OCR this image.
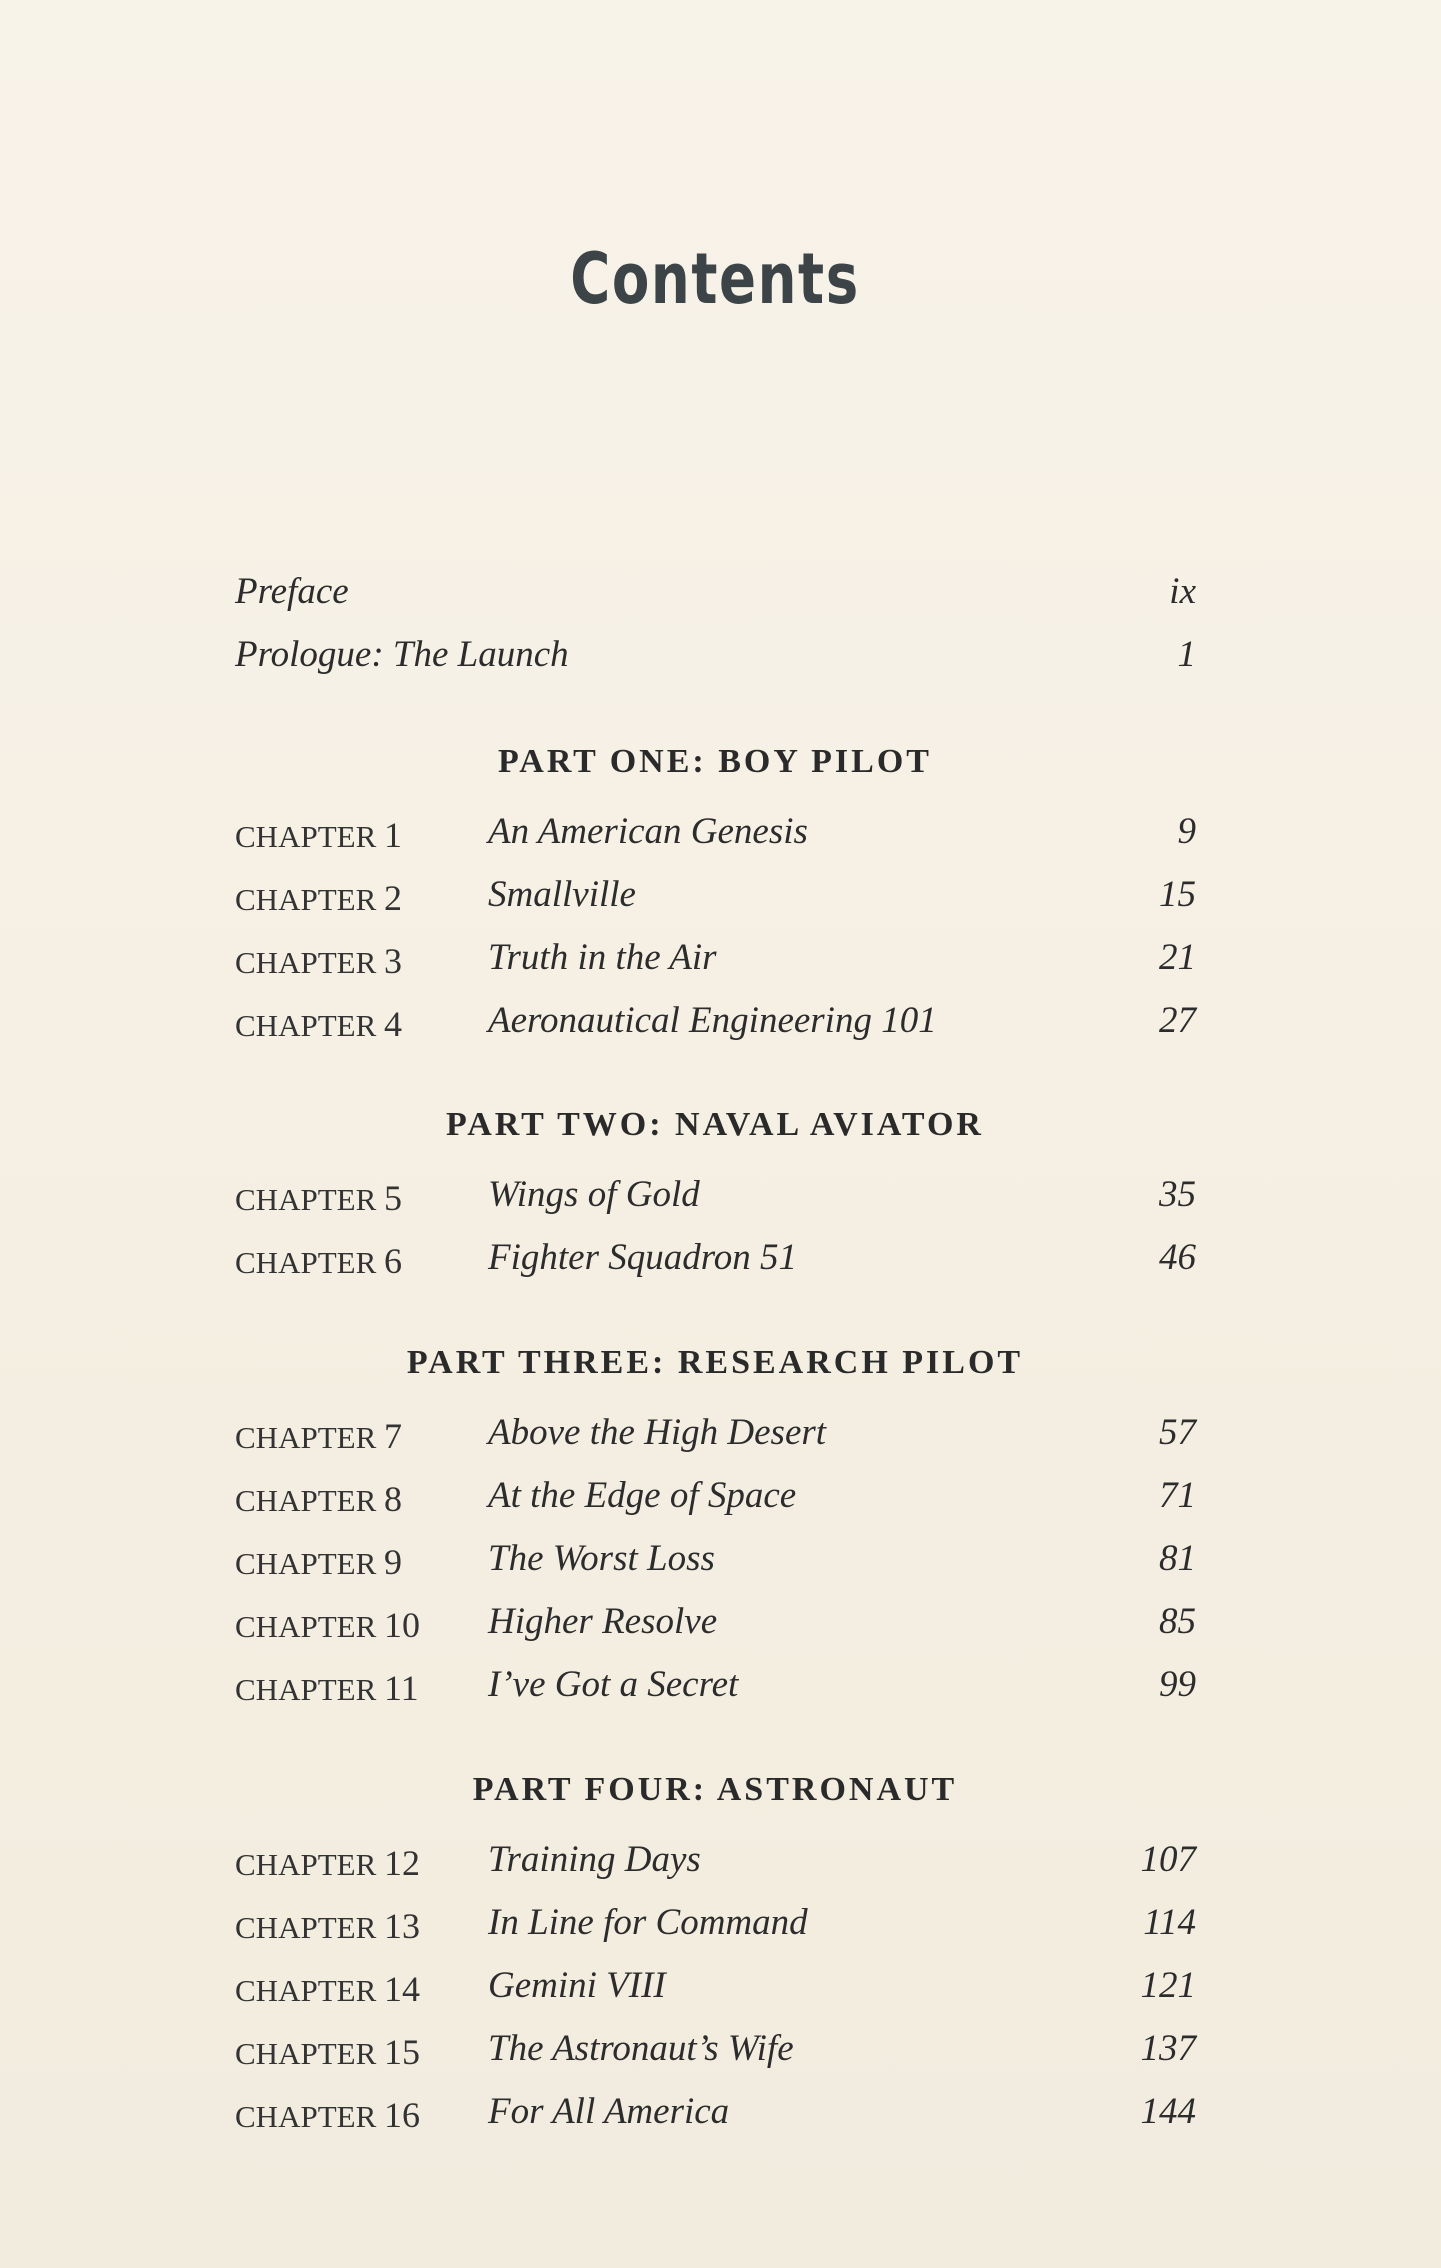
Contents
Preface	ix
Prologue: The Launch	1
PART ONE: BOY PILOT
CHAPTER 1 An American Genesis	9
CHAPTER 2 Smallville	15
CHAPTER 3 Truth in the Air	21
CHAPTER 4 Aeronautical Engineering 101	27
PART TWO: NAVAL AVIATOR
CHAPTER 5 Wings of Gold	35
CHAPTER 6 Fighter Squadron 51	46
PART THREE: RESEARCH PILOT
CHAPTER 7 Above the High Desert	57
CHAPTER 8 At the Edge of Space	71
CHAPTER 9 The Worst Loss	81
CHAPTER 10 Higher Resolve	85
CHAPTER 11 I’ve Got a Secret	99
PART FOUR: ASTRONAUT
CHAPTER 12 Training Days	107
CHAPTER 13 In Line for Command	114
CHAPTER 14 Gemini VIII	121
CHAPTER 15 The Astronaut’s Wife	137
CHAPTER 16 For All America	144
